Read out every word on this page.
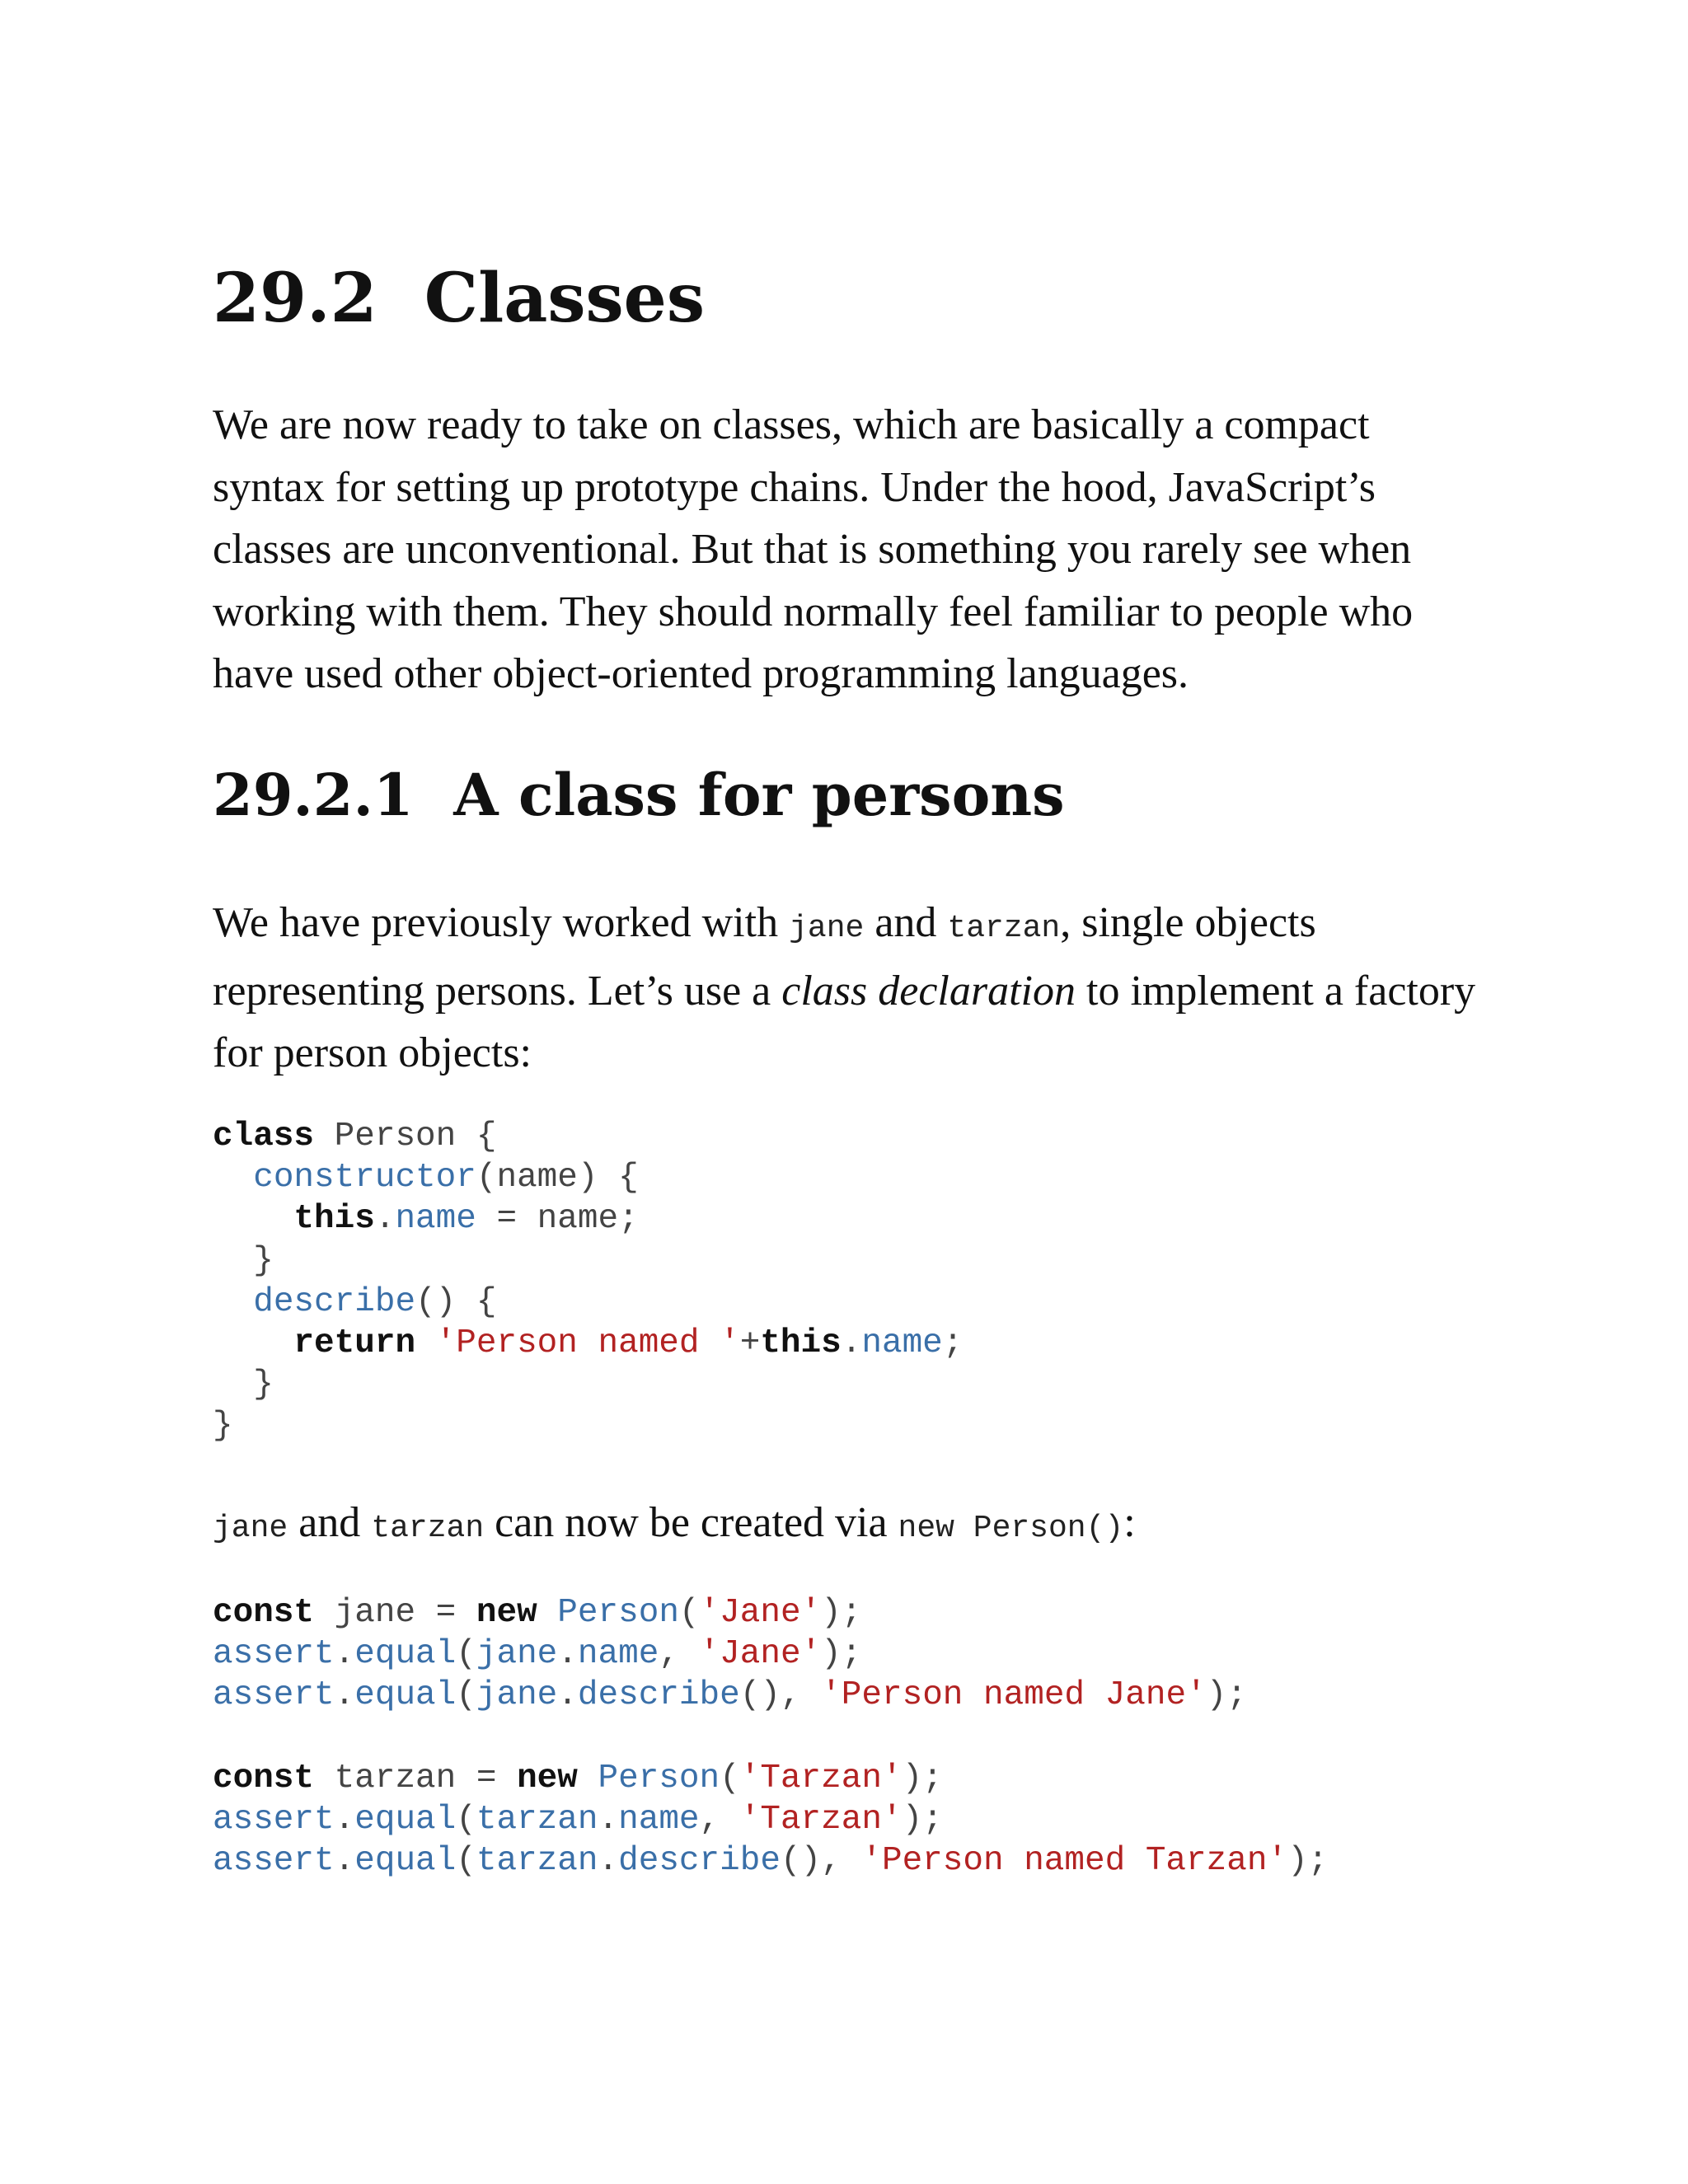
29.2  Classes

We are now ready to take on classes, which are basically a compact syntax for setting up prototype chains. Under the hood, JavaScript’s classes are unconventional. But that is something you rarely see when working with them. They should normally feel familiar to people who have used other object-oriented programming languages.

29.2.1  A class for persons

We have previously worked with jane and tarzan, single objects representing persons. Let’s use a class declaration to implement a factory for person objects:

class Person {
constructor(name) {
this.name = name;
}
describe() {
return 'Person named '+this.name;
}
}

jane and tarzan can now be created via new Person():

const jane = new Person('Jane');
assert.equal(jane.name, 'Jane');
assert.equal(jane.describe(), 'Person named Jane');

const tarzan = new Person('Tarzan');
assert.equal(tarzan.name, 'Tarzan');
assert.equal(tarzan.describe(), 'Person named Tarzan');
